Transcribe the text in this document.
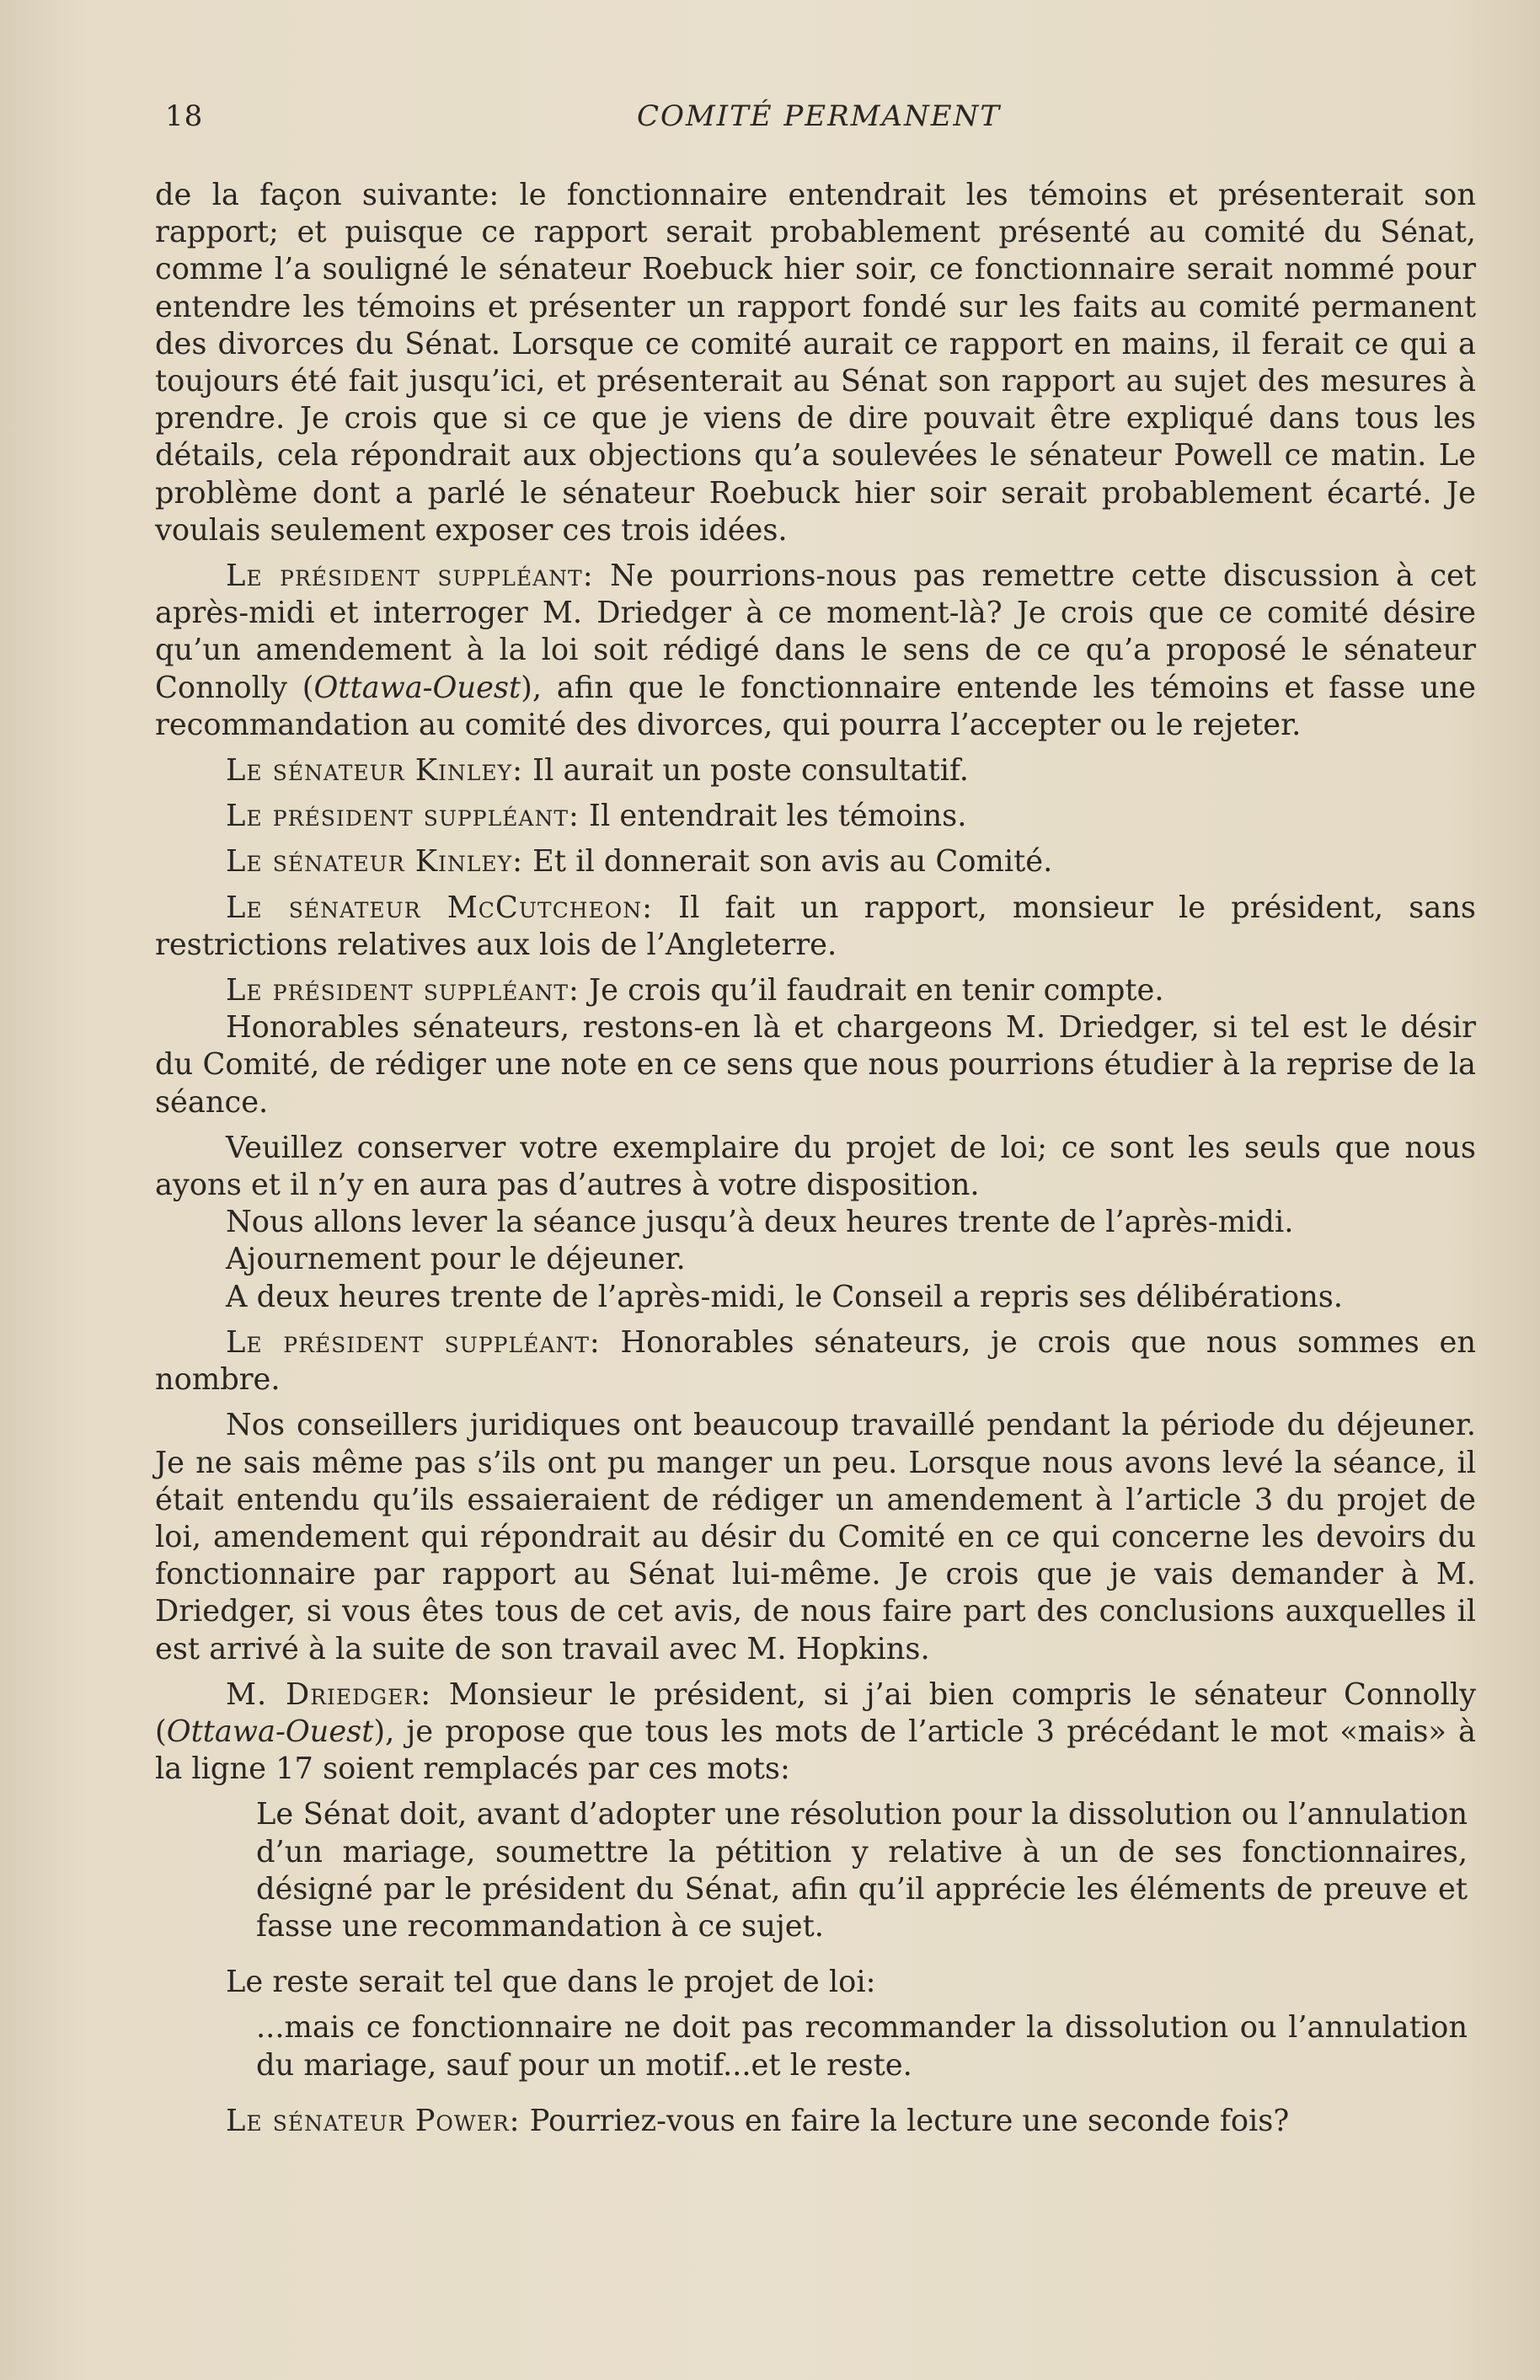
18	COMITÉ PERMANENT

de la façon suivante: le fonctionnaire entendrait les témoins et présenterait son rapport; et puisque ce rapport serait probablement présenté au comité du Sénat, comme l’a souligné le sénateur Roebuck hier soir, ce fonctionnaire serait nommé pour entendre les témoins et présenter un rapport fondé sur les faits au comité permanent des divorces du Sénat. Lorsque ce comité aurait ce rapport en mains, il ferait ce qui a toujours été fait jusqu’ici, et présenterait au Sénat son rapport au sujet des mesures à prendre. Je crois que si ce que je viens de dire pouvait être expliqué dans tous les détails, cela répondrait aux objections qu’a soulevées le sénateur Powell ce matin. Le problème dont a parlé le sénateur Roebuck hier soir serait probablement écarté. Je voulais seulement exposer ces trois idées.

Le président suppléant: Ne pourrions-nous pas remettre cette discussion à cet après-midi et interroger M. Driedger à ce moment-là? Je crois que ce comité désire qu’un amendement à la loi soit rédigé dans le sens de ce qu’a proposé le sénateur Connolly (Ottawa-Ouest), afin que le fonctionnaire entende les témoins et fasse une recommandation au comité des divorces, qui pourra l’accepter ou le rejeter.

Le sénateur Kinley: Il aurait un poste consultatif.

Le président suppléant: Il entendrait les témoins.

Le sénateur Kinley: Et il donnerait son avis au Comité.

Le sénateur McCutcheon: Il fait un rapport, monsieur le président, sans restrictions relatives aux lois de l’Angleterre.

Le président suppléant: Je crois qu’il faudrait en tenir compte.

Honorables sénateurs, restons-en là et chargeons M. Driedger, si tel est le désir du Comité, de rédiger une note en ce sens que nous pourrions étudier à la reprise de la séance.

Veuillez conserver votre exemplaire du projet de loi; ce sont les seuls que nous ayons et il n’y en aura pas d’autres à votre disposition.

Nous allons lever la séance jusqu’à deux heures trente de l’après-midi.

Ajournement pour le déjeuner.

A deux heures trente de l’après-midi, le Conseil a repris ses délibérations.

Le président suppléant: Honorables sénateurs, je crois que nous sommes en nombre.

Nos conseillers juridiques ont beaucoup travaillé pendant la période du déjeuner. Je ne sais même pas s’ils ont pu manger un peu. Lorsque nous avons levé la séance, il était entendu qu’ils essaieraient de rédiger un amendement à l’article 3 du projet de loi, amendement qui répondrait au désir du Comité en ce qui concerne les devoirs du fonctionnaire par rapport au Sénat lui-même. Je crois que je vais demander à M. Driedger, si vous êtes tous de cet avis, de nous faire part des conclusions auxquelles il est arrivé à la suite de son travail avec M. Hopkins.

M. Driedger: Monsieur le président, si j’ai bien compris le sénateur Connolly (Ottawa-Ouest), je propose que tous les mots de l’article 3 précédant le mot «mais» à la ligne 17 soient remplacés par ces mots:

Le Sénat doit, avant d’adopter une résolution pour la dissolution ou l’annulation d’un mariage, soumettre la pétition y relative à un de ses fonctionnaires, désigné par le président du Sénat, afin qu’il apprécie les éléments de preuve et fasse une recommandation à ce sujet.

Le reste serait tel que dans le projet de loi:

...mais ce fonctionnaire ne doit pas recommander la dissolution ou l’annulation du mariage, sauf pour un motif...et le reste.

Le sénateur Power: Pourriez-vous en faire la lecture une seconde fois?
